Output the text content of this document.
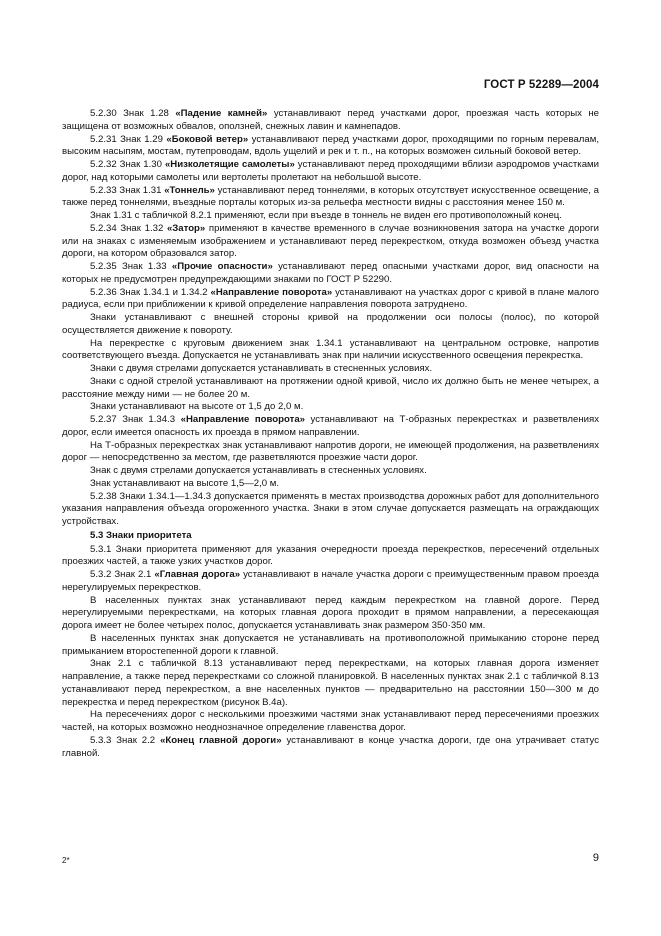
ГОСТ Р 52289—2004

5.2.30 Знак 1.28 «Падение камней» устанавливают перед участками дорог, проезжая часть которых не защищена от возможных обвалов, оползней, снежных лавин и камнепадов.

5.2.31 Знак 1.29 «Боковой ветер» устанавливают перед участками дорог, проходящими по горным перевалам, высоким насыпям, мостам, путепроводам, вдоль ущелий и рек и т. п., на которых возможен сильный боковой ветер.

5.2.32 Знак 1.30 «Низколетящие самолеты» устанавливают перед проходящими вблизи аэродромов участками дорог, над которыми самолеты или вертолеты пролетают на небольшой высоте.

5.2.33 Знак 1.31 «Тоннель» устанавливают перед тоннелями, в которых отсутствует искусственное освещение, а также перед тоннелями, въездные порталы которых из-за рельефа местности видны с расстояния менее 150 м.

Знак 1.31 с табличкой 8.2.1 применяют, если при въезде в тоннель не виден его противоположный конец.

5.2.34 Знак 1.32 «Затор» применяют в качестве временного в случае возникновения затора на участке дороги или на знаках с изменяемым изображением и устанавливают перед перекрестком, откуда возможен объезд участка дороги, на котором образовался затор.

5.2.35 Знак 1.33 «Прочие опасности» устанавливают перед опасными участками дорог, вид опасности на которых не предусмотрен предупреждающими знаками по ГОСТ Р 52290.

5.2.36 Знак 1.34.1 и 1.34.2 «Направление поворота» устанавливают на участках дорог с кривой в плане малого радиуса, если при приближении к кривой определение направления поворота затруднено.

Знаки устанавливают с внешней стороны кривой на продолжении оси полосы (полос), по которой осуществляется движение к повороту.

На перекрестке с круговым движением знак 1.34.1 устанавливают на центральном островке, напротив соответствующего въезда. Допускается не устанавливать знак при наличии искусственного освещения перекрестка.

Знаки с двумя стрелами допускается устанавливать в стесненных условиях.

Знаки с одной стрелой устанавливают на протяжении одной кривой, число их должно быть не менее четырех, а расстояние между ними — не более 20 м.

Знаки устанавливают на высоте от 1,5 до 2,0 м.

5.2.37 Знак 1.34.3 «Направление поворота» устанавливают на Т-образных перекрестках и разветвлениях дорог, если имеется опасность их проезда в прямом направлении.

На Т-образных перекрестках знак устанавливают напротив дороги, не имеющей продолжения, на разветвлениях дорог — непосредственно за местом, где разветвляются проезжие части дорог.

Знак с двумя стрелами допускается устанавливать в стесненных условиях.

Знак устанавливают на высоте 1,5—2,0 м.

5.2.38 Знаки 1.34.1—1.34.3 допускается применять в местах производства дорожных работ для дополнительного указания направления объезда огороженного участка. Знаки в этом случае допускается размещать на ограждающих устройствах.

5.3 Знаки приоритета

5.3.1 Знаки приоритета применяют для указания очередности проезда перекрестков, пересечений отдельных проезжих частей, а также узких участков дорог.

5.3.2 Знак 2.1 «Главная дорога» устанавливают в начале участка дороги с преимущественным правом проезда нерегулируемых перекрестков.

В населенных пунктах знак устанавливают перед каждым перекрестком на главной дороге. Перед нерегулируемыми перекрестками, на которых главная дорога проходит в прямом направлении, а пересекающая дорога имеет не более четырех полос, допускается устанавливать знак размером 350·350 мм.

В населенных пунктах знак допускается не устанавливать на противоположной примыканию стороне перед примыканием второстепенной дороги к главной.

Знак 2.1 с табличкой 8.13 устанавливают перед перекрестками, на которых главная дорога изменяет направление, а также перед перекрестками со сложной планировкой. В населенных пунктах знак 2.1 с табличкой 8.13 устанавливают перед перекрестком, а вне населенных пунктов — предварительно на расстоянии 150—300 м до перекрестка и перед перекрестком (рисунок В.4а).

На пересечениях дорог с несколькими проезжими частями знак устанавливают перед пересечениями проезжих частей, на которых возможно неоднозначное определение главенства дорог.

5.3.3 Знак 2.2 «Конец главной дороги» устанавливают в конце участка дороги, где она утрачивает статус главной.

2*	9
